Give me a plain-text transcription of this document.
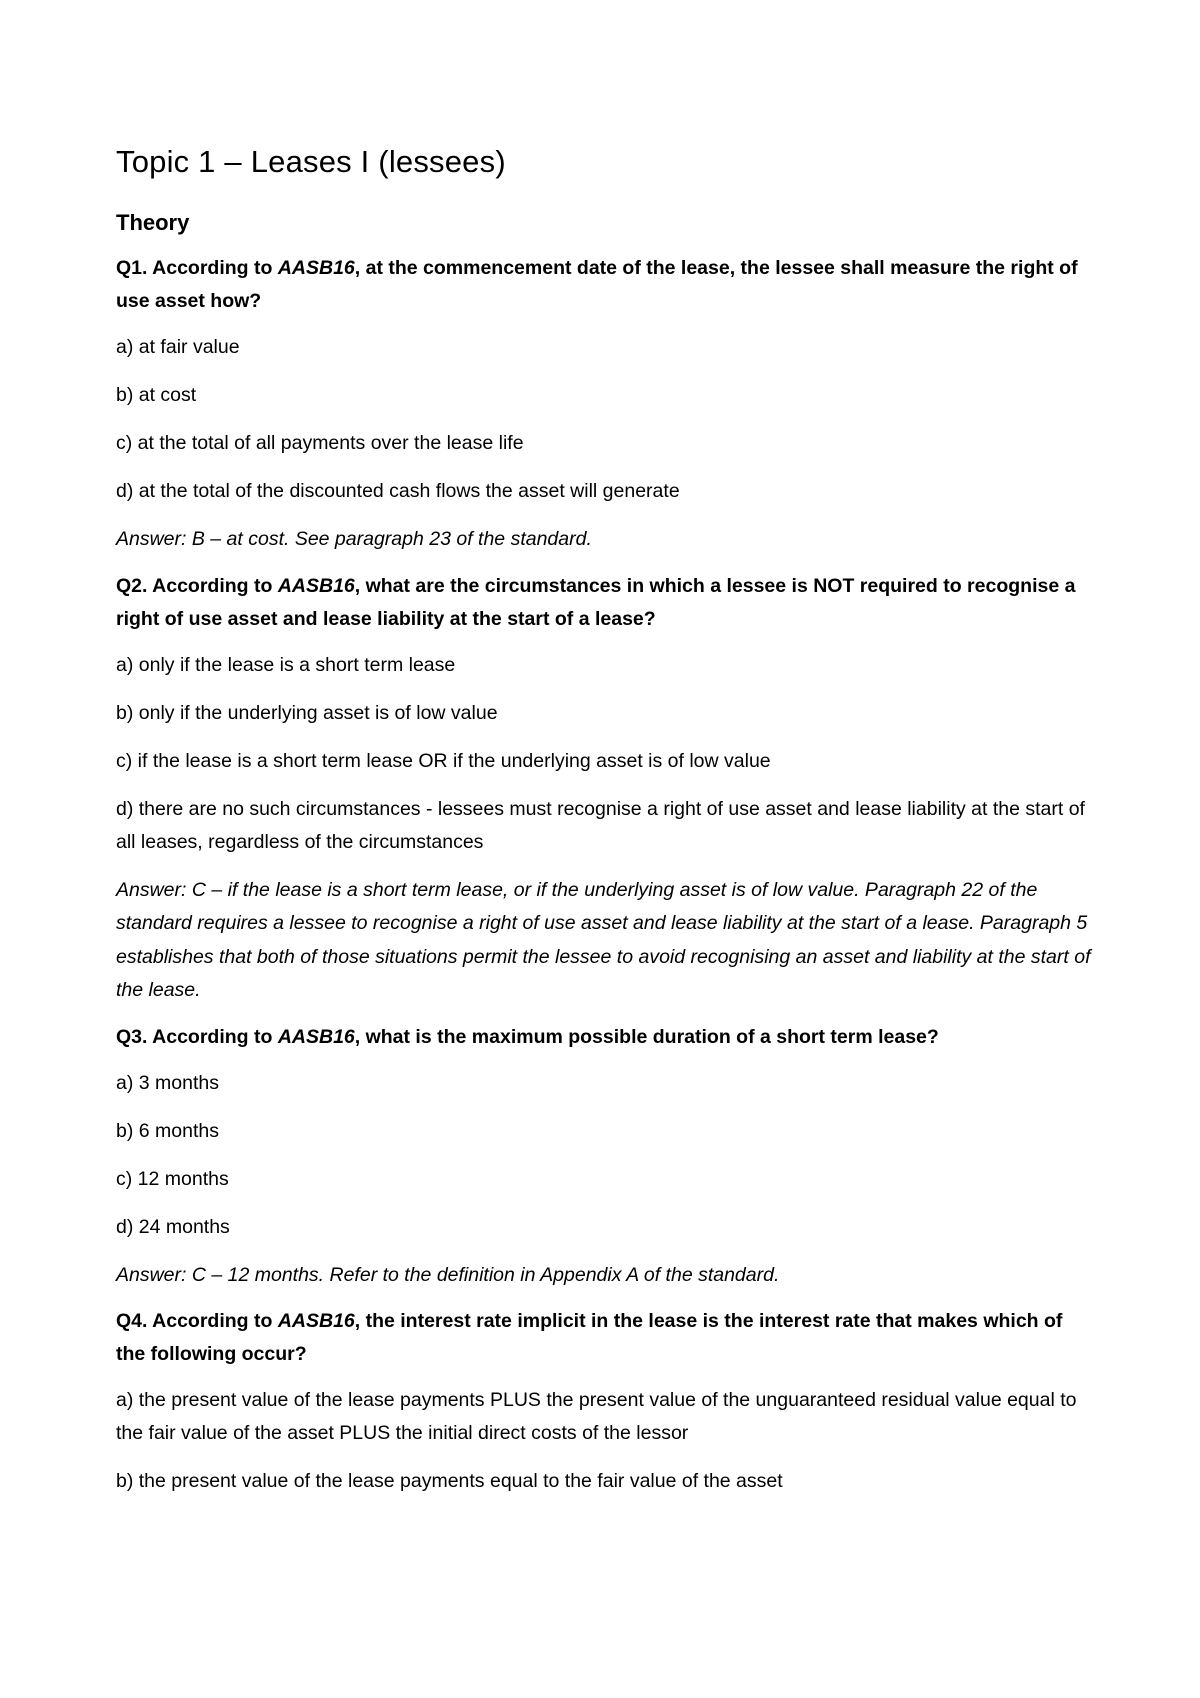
Topic 1 – Leases I (lessees)
Theory

Q1. According to AASB16, at the commencement date of the lease, the lessee shall measure the right of use asset how?

a) at fair value

b) at cost

c) at the total of all payments over the lease life

d) at the total of the discounted cash flows the asset will generate

Answer: B – at cost. See paragraph 23 of the standard.

Q2. According to AASB16, what are the circumstances in which a lessee is NOT required to recognise a right of use asset and lease liability at the start of a lease?

a) only if the lease is a short term lease

b) only if the underlying asset is of low value

c) if the lease is a short term lease OR if the underlying asset is of low value

d) there are no such circumstances - lessees must recognise a right of use asset and lease liability at the start of all leases, regardless of the circumstances

Answer: C – if the lease is a short term lease, or if the underlying asset is of low value. Paragraph 22 of the standard requires a lessee to recognise a right of use asset and lease liability at the start of a lease. Paragraph 5 establishes that both of those situations permit the lessee to avoid recognising an asset and liability at the start of the lease.

Q3. According to AASB16, what is the maximum possible duration of a short term lease?

a) 3 months

b) 6 months

c) 12 months

d) 24 months

Answer: C – 12 months. Refer to the definition in Appendix A of the standard.

Q4. According to AASB16, the interest rate implicit in the lease is the interest rate that makes which of the following occur?

a) the present value of the lease payments PLUS the present value of the unguaranteed residual value equal to the fair value of the asset PLUS the initial direct costs of the lessor

b) the present value of the lease payments equal to the fair value of the asset
